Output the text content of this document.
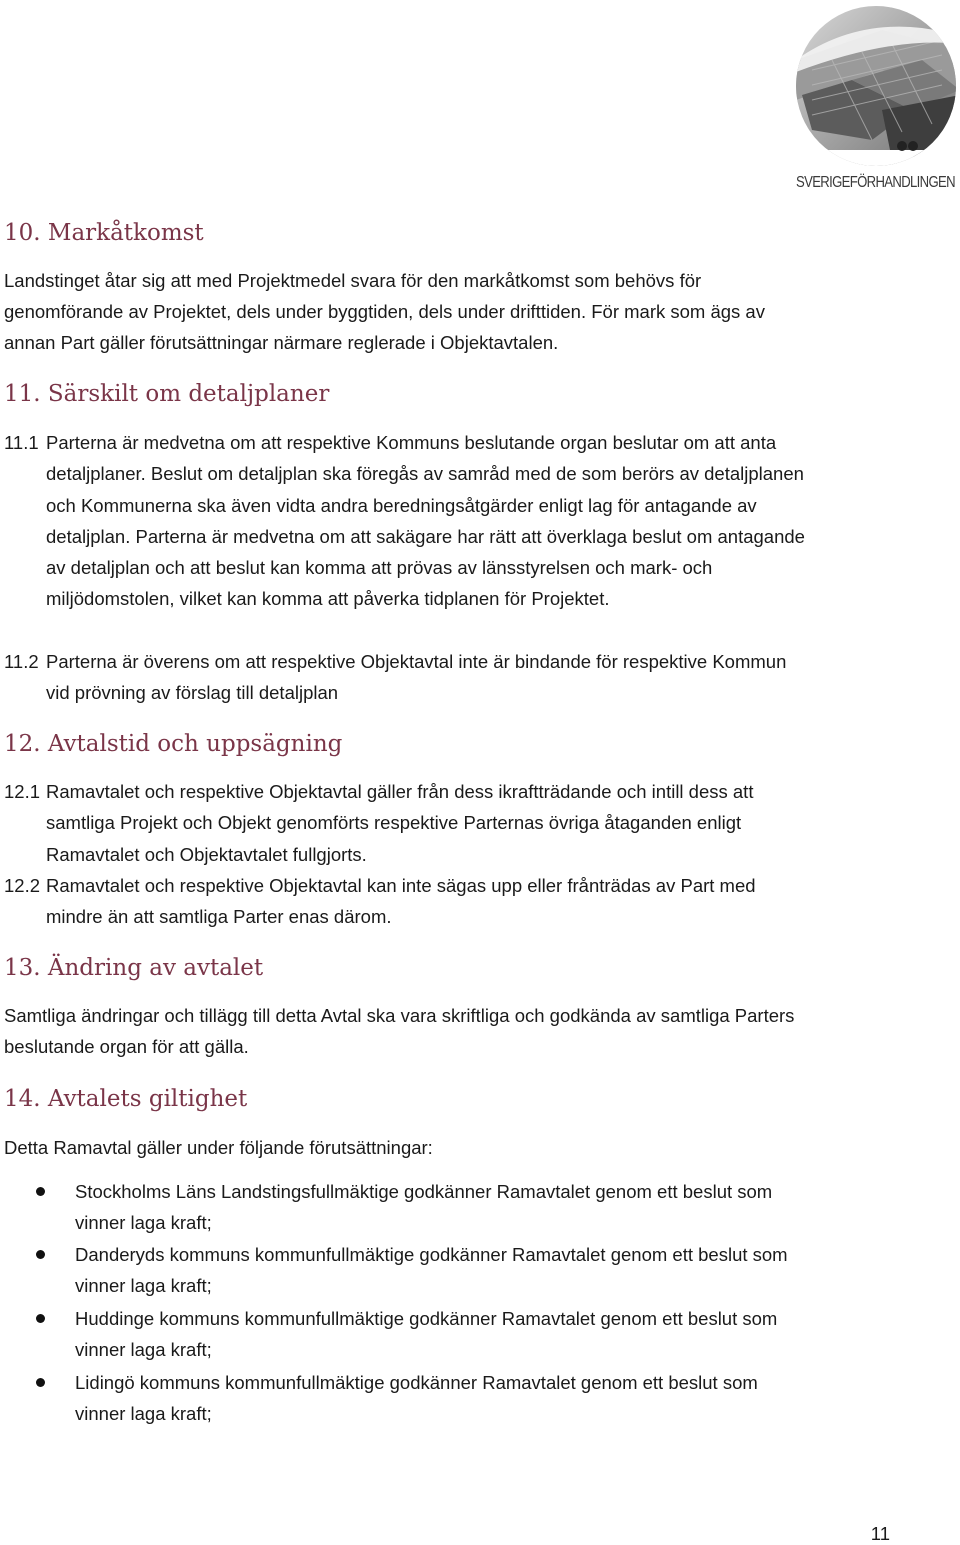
SVERIGEFÖRHANDLINGEN
10. Markåtkomst
Landstinget åtar sig att med Projektmedel svara för den markåtkomst som behövs för
genomförande av Projektet, dels under byggtiden, dels under drifttiden. För mark som ägs av
annan Part gäller förutsättningar närmare reglerade i Objektavtalen.
11. Särskilt om detaljplaner
11.1 Parterna är medvetna om att respektive Kommuns beslutande organ beslutar om att anta
detaljplaner. Beslut om detaljplan ska föregås av samråd med de som berörs av detaljplanen
och Kommunerna ska även vidta andra beredningsåtgärder enligt lag för antagande av
detaljplan. Parterna är medvetna om att sakägare har rätt att överklaga beslut om antagande
av detaljplan och att beslut kan komma att prövas av länsstyrelsen och mark- och
miljödomstolen, vilket kan komma att påverka tidplanen för Projektet.
11.2 Parterna är överens om att respektive Objektavtal inte är bindande för respektive Kommun
vid prövning av förslag till detaljplan
12. Avtalstid och uppsägning
12.1 Ramavtalet och respektive Objektavtal gäller från dess ikraftträdande och intill dess att
samtliga Projekt och Objekt genomförts respektive Parternas övriga åtaganden enligt
Ramavtalet och Objektavtalet fullgjorts.
12.2 Ramavtalet och respektive Objektavtal kan inte sägas upp eller frånträdas av Part med
mindre än att samtliga Parter enas därom.
13. Ändring av avtalet
Samtliga ändringar och tillägg till detta Avtal ska vara skriftliga och godkända av samtliga Parters
beslutande organ för att gälla.
14. Avtalets giltighet
Detta Ramavtal gäller under följande förutsättningar:
Stockholms Läns Landstingsfullmäktige godkänner Ramavtalet genom ett beslut som
vinner laga kraft;
Danderyds kommuns kommunfullmäktige godkänner Ramavtalet genom ett beslut som
vinner laga kraft;
Huddinge kommuns kommunfullmäktige godkänner Ramavtalet genom ett beslut som
vinner laga kraft;
Lidingö kommuns kommunfullmäktige godkänner Ramavtalet genom ett beslut som
vinner laga kraft;
11
